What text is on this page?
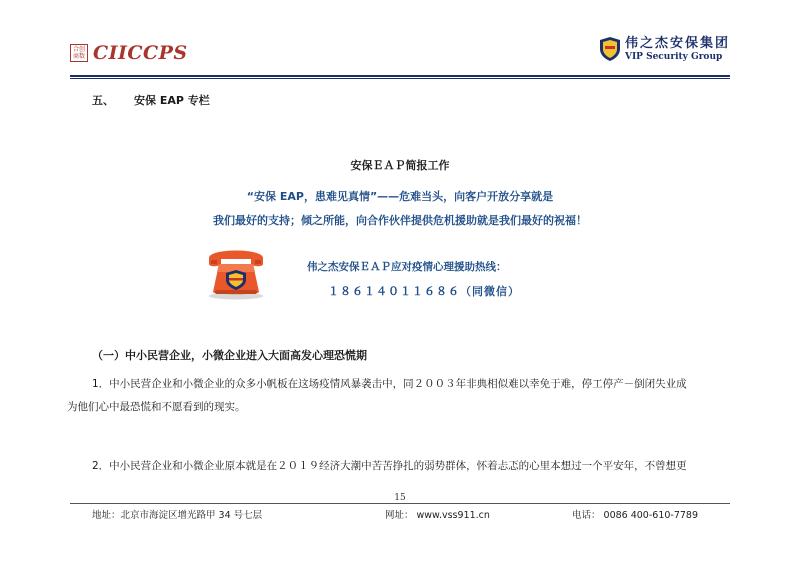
合创 商数 CIICCPS	伟之杰安保集团
VIP Security Group
五、 安保 EAP 专栏
安保ＥＡＰ简报工作
“安保 EAP，患难见真情”——危难当头，向客户开放分享就是
我们最好的支持；倾之所能，向合作伙伴提供危机援助就是我们最好的祝福！
伟之杰安保ＥＡＰ应对疫情心理援助热线：
１８６１４０１１６８６（同微信）
（一）中小民营企业，小微企业进入大面高发心理恐慌期
1．中小民营企业和小微企业的众多小帆板在这场疫情风暴袭击中，同２００３年非典相似难以幸免于难，停工停产－倒闭失业成
为他们心中最恐慌和不愿看到的现实。
2．中小民营企业和小微企业原本就是在２０１９经济大潮中苦苦挣扎的弱势群体，怀着忐忑的心里本想过一个平安年，不曾想更
15
地址：北京市海淀区增光路甲 34 号七层	网址： www.vss911.cn	电话： 0086 400-610-7789
